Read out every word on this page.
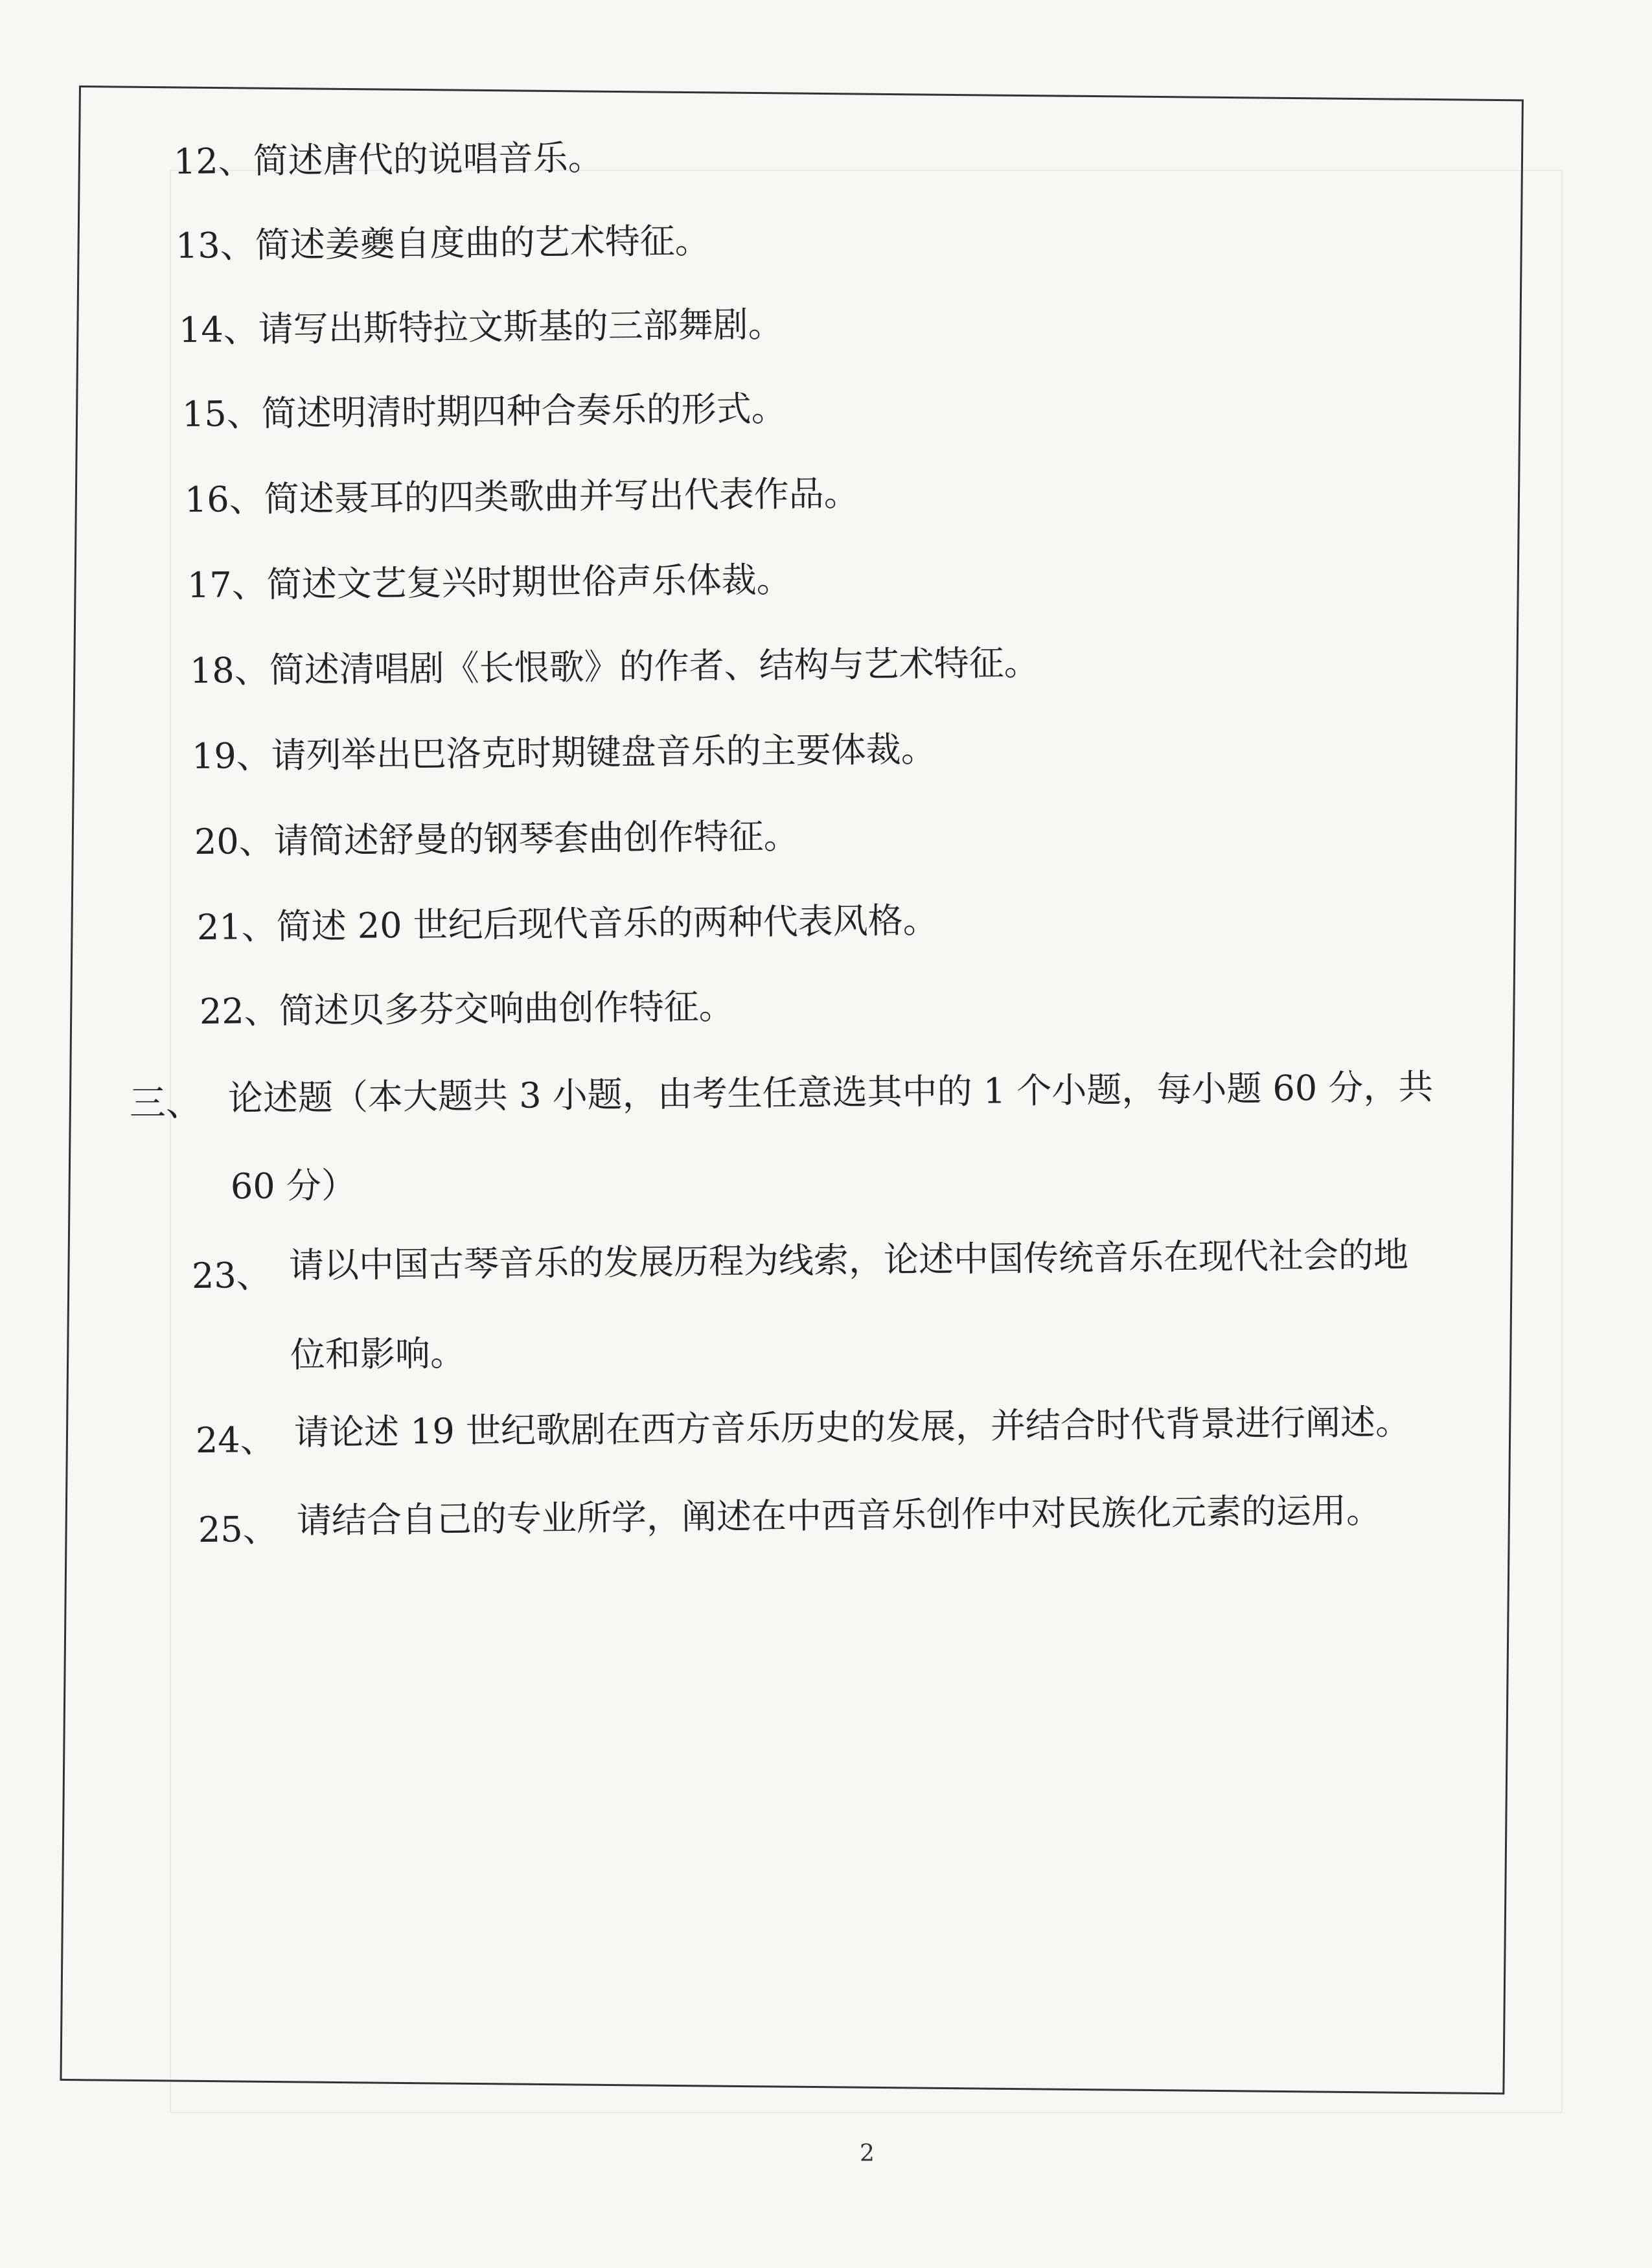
12、简述唐代的说唱音乐。
13、简述姜夔自度曲的艺术特征。
14、请写出斯特拉文斯基的三部舞剧。
15、简述明清时期四种合奏乐的形式。
16、简述聂耳的四类歌曲并写出代表作品。
17、简述文艺复兴时期世俗声乐体裁。
18、简述清唱剧《长恨歌》的作者、结构与艺术特征。
19、请列举出巴洛克时期键盘音乐的主要体裁。
20、请简述舒曼的钢琴套曲创作特征。
21、简述 20 世纪后现代音乐的两种代表风格。
22、简述贝多芬交响曲创作特征。
三、 论述题（本大题共 3 小题，由考生任意选其中的 1 个小题，每小题 60 分，共
60 分）
23、 请以中国古琴音乐的发展历程为线索，论述中国传统音乐在现代社会的地
位和影响。
24、 请论述 19 世纪歌剧在西方音乐历史的发展，并结合时代背景进行阐述。
25、 请结合自己的专业所学，阐述在中西音乐创作中对民族化元素的运用。
2
